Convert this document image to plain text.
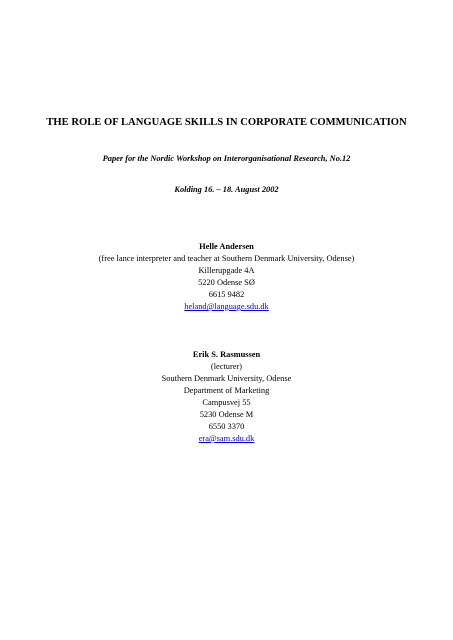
THE ROLE OF LANGUAGE SKILLS IN CORPORATE COMMUNICATION
Paper for the Nordic Workshop on Interorganisational Research, No.12
Kolding 16. – 18. August 2002
Helle Andersen
(free lance interpreter and teacher at Southern Denmark University, Odense)
Killerupgade 4A
5220 Odense SØ
6615 9482
heland@language.sdu.dk
Erik S. Rasmussen
(lecturer)
Southern Denmark University, Odense
Department of Marketing
Campusvej 55
5230 Odense M
6550 3370
era@sam.sdu.dk
